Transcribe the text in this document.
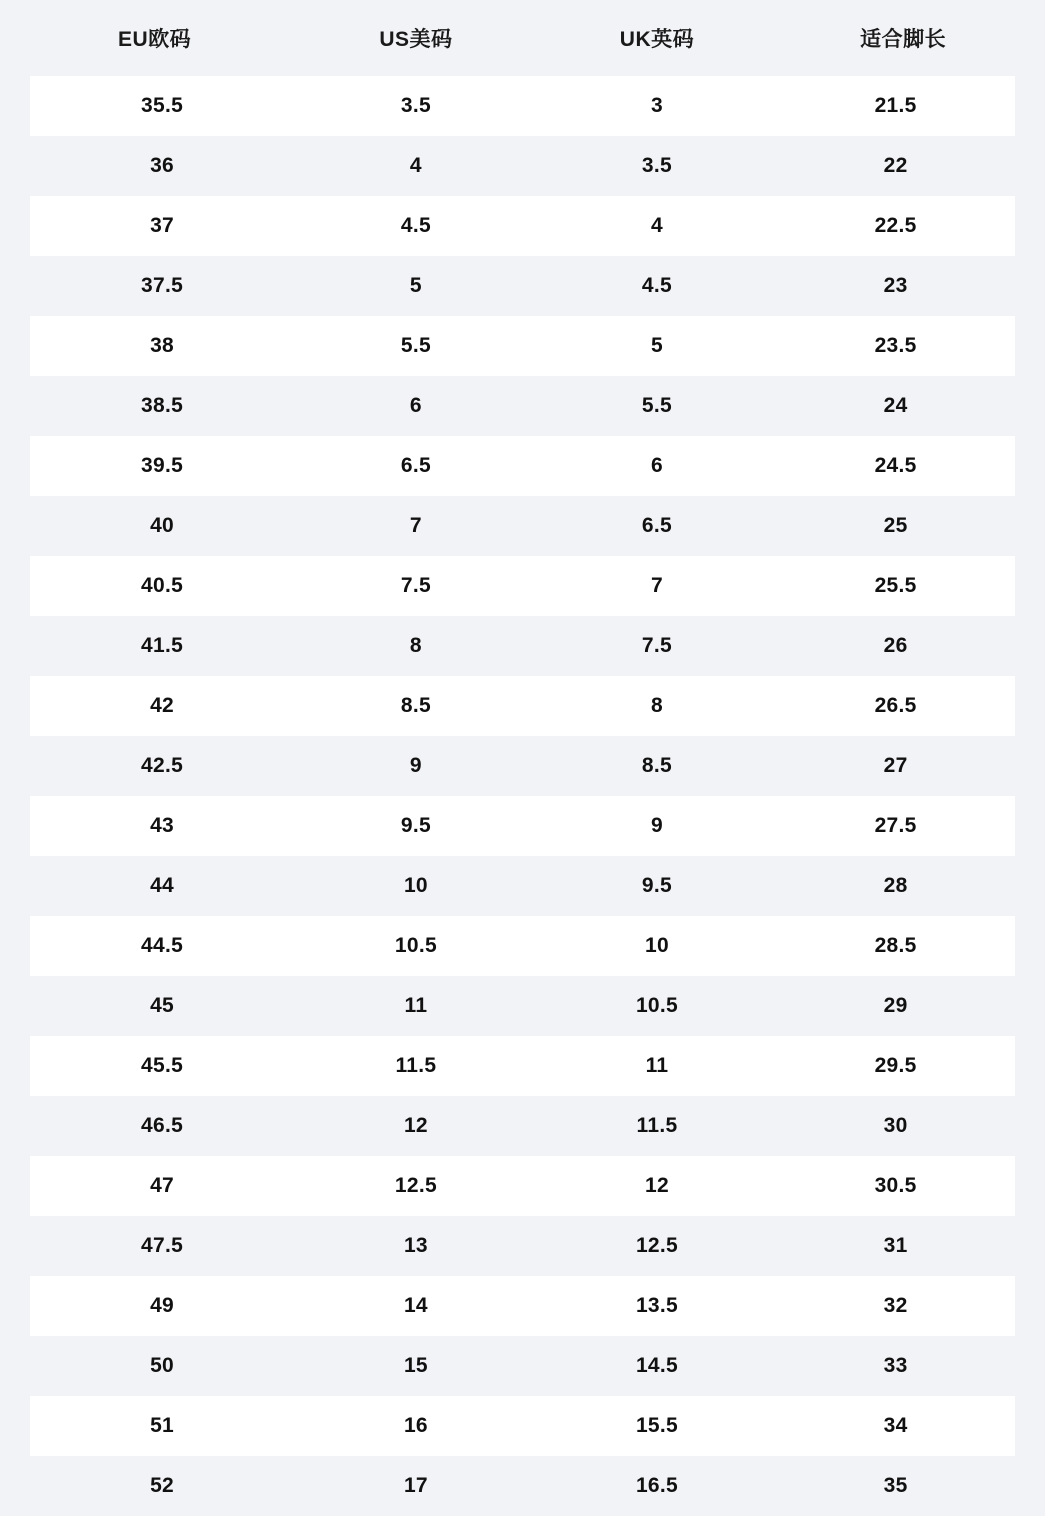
EU欧码	US美码	UK英码	适合脚长
35.5	3.5	3	21.5
36	4	3.5	22
37	4.5	4	22.5
37.5	5	4.5	23
38	5.5	5	23.5
38.5	6	5.5	24
39.5	6.5	6	24.5
40	7	6.5	25
40.5	7.5	7	25.5
41.5	8	7.5	26
42	8.5	8	26.5
42.5	9	8.5	27
43	9.5	9	27.5
44	10	9.5	28
44.5	10.5	10	28.5
45	11	10.5	29
45.5	11.5	11	29.5
46.5	12	11.5	30
47	12.5	12	30.5
47.5	13	12.5	31
49	14	13.5	32
50	15	14.5	33
51	16	15.5	34
52	17	16.5	35
